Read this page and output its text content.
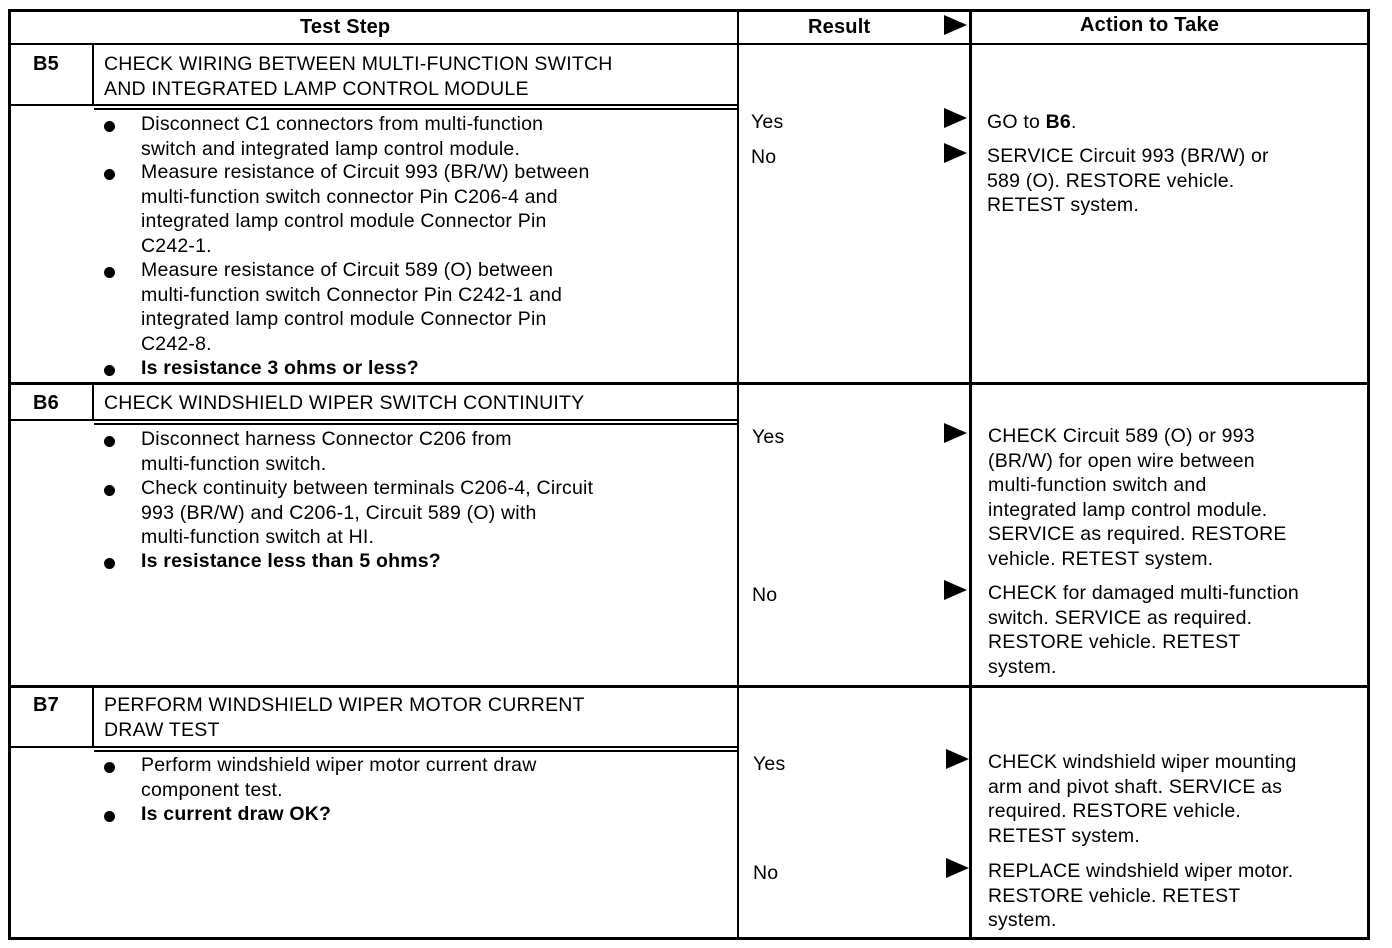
Test Step	Result	Action to Take
B5 CHECK WIRING BETWEEN MULTI-FUNCTION SWITCH
AND INTEGRATED LAMP CONTROL MODULE
Disconnect C1 connectors from multi-function
switch and integrated lamp control module.
Measure resistance of Circuit 993 (BR/W) between
multi-function switch connector Pin C206-4 and
integrated lamp control module Connector Pin
C242-1.
Measure resistance of Circuit 589 (O) between
multi-function switch Connector Pin C242-1 and
integrated lamp control module Connector Pin
C242-8.
Is resistance 3 ohms or less?
Yes	GO to B6.
No	SERVICE Circuit 993 (BR/W) or
589 (O). RESTORE vehicle.
RETEST system.
B6 CHECK WINDSHIELD WIPER SWITCH CONTINUITY
Disconnect harness Connector C206 from
multi-function switch.
Check continuity between terminals C206-4, Circuit
993 (BR/W) and C206-1, Circuit 589 (O) with
multi-function switch at HI.
Is resistance less than 5 ohms?
Yes	CHECK Circuit 589 (O) or 993
(BR/W) for open wire between
multi-function switch and
integrated lamp control module.
SERVICE as required. RESTORE
vehicle. RETEST system.
No	CHECK for damaged multi-function
switch. SERVICE as required.
RESTORE vehicle. RETEST
system.
B7 PERFORM WINDSHIELD WIPER MOTOR CURRENT
DRAW TEST
Perform windshield wiper motor current draw
component test.
Is current draw OK?
Yes	CHECK windshield wiper mounting
arm and pivot shaft. SERVICE as
required. RESTORE vehicle.
RETEST system.
No	REPLACE windshield wiper motor.
RESTORE vehicle. RETEST
system.
